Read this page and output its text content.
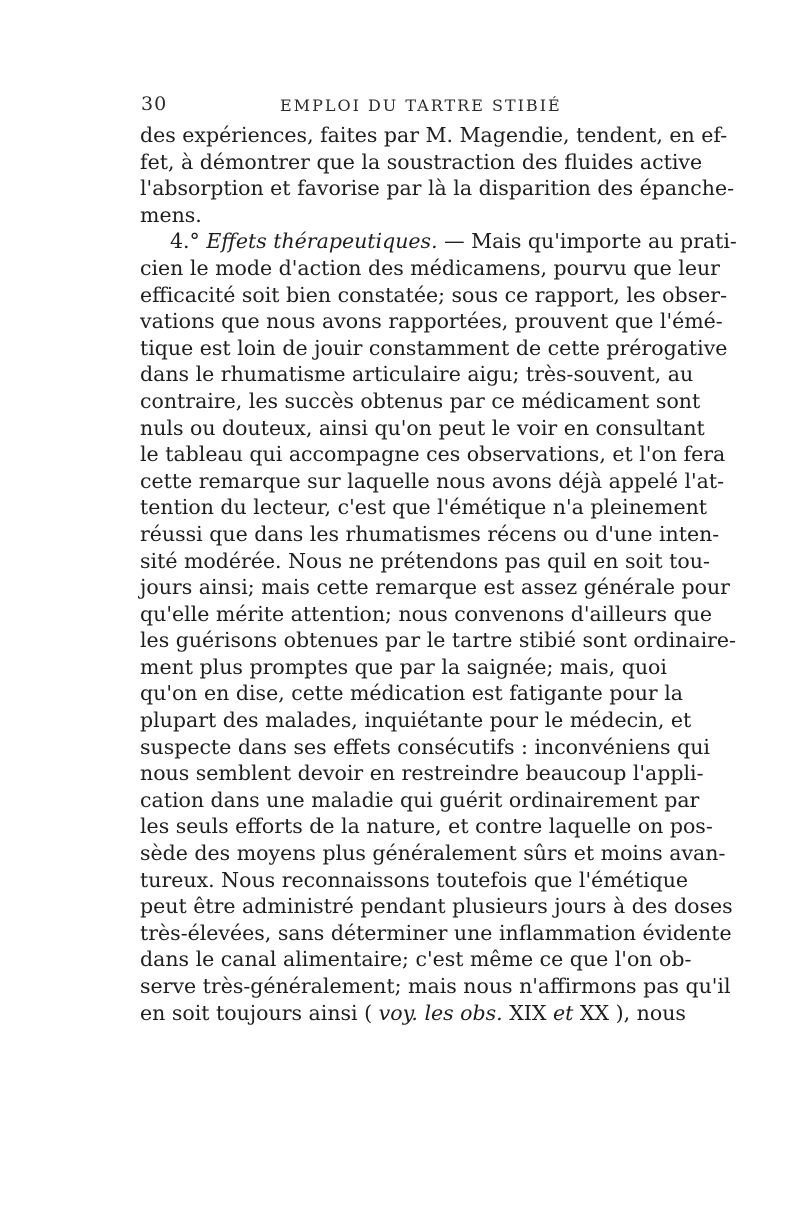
30	EMPLOI DU TARTRE STIBIÉ
des expériences, faites par M. Magendie, tendent, en ef-
fet, à démontrer que la soustraction des fluides active
l'absorption et favorise par là la disparition des épanche-
mens.
4.° Effets thérapeutiques. — Mais qu'importe au prati-
cien le mode d'action des médicamens, pourvu que leur
efficacité soit bien constatée; sous ce rapport, les obser-
vations que nous avons rapportées, prouvent que l'émé-
tique est loin de jouir constamment de cette prérogative
dans le rhumatisme articulaire aigu; très-souvent, au
contraire, les succès obtenus par ce médicament sont
nuls ou douteux, ainsi qu'on peut le voir en consultant
le tableau qui accompagne ces observations, et l'on fera
cette remarque sur laquelle nous avons déjà appelé l'at-
tention du lecteur, c'est que l'émétique n'a pleinement
réussi que dans les rhumatismes récens ou d'une inten-
sité modérée. Nous ne prétendons pas quil en soit tou-
jours ainsi; mais cette remarque est assez générale pour
qu'elle mérite attention; nous convenons d'ailleurs que
les guérisons obtenues par le tartre stibié sont ordinaire-
ment plus promptes que par la saignée; mais, quoi
qu'on en dise, cette médication est fatigante pour la
plupart des malades, inquiétante pour le médecin, et
suspecte dans ses effets consécutifs : inconvéniens qui
nous semblent devoir en restreindre beaucoup l'appli-
cation dans une maladie qui guérit ordinairement par
les seuls efforts de la nature, et contre laquelle on pos-
sède des moyens plus généralement sûrs et moins avan-
tureux. Nous reconnaissons toutefois que l'émétique
peut être administré pendant plusieurs jours à des doses
très-élevées, sans déterminer une inflammation évidente
dans le canal alimentaire; c'est même ce que l'on ob-
serve très-généralement; mais nous n'affirmons pas qu'il
en soit toujours ainsi ( voy. les obs. XIX et XX ), nous
